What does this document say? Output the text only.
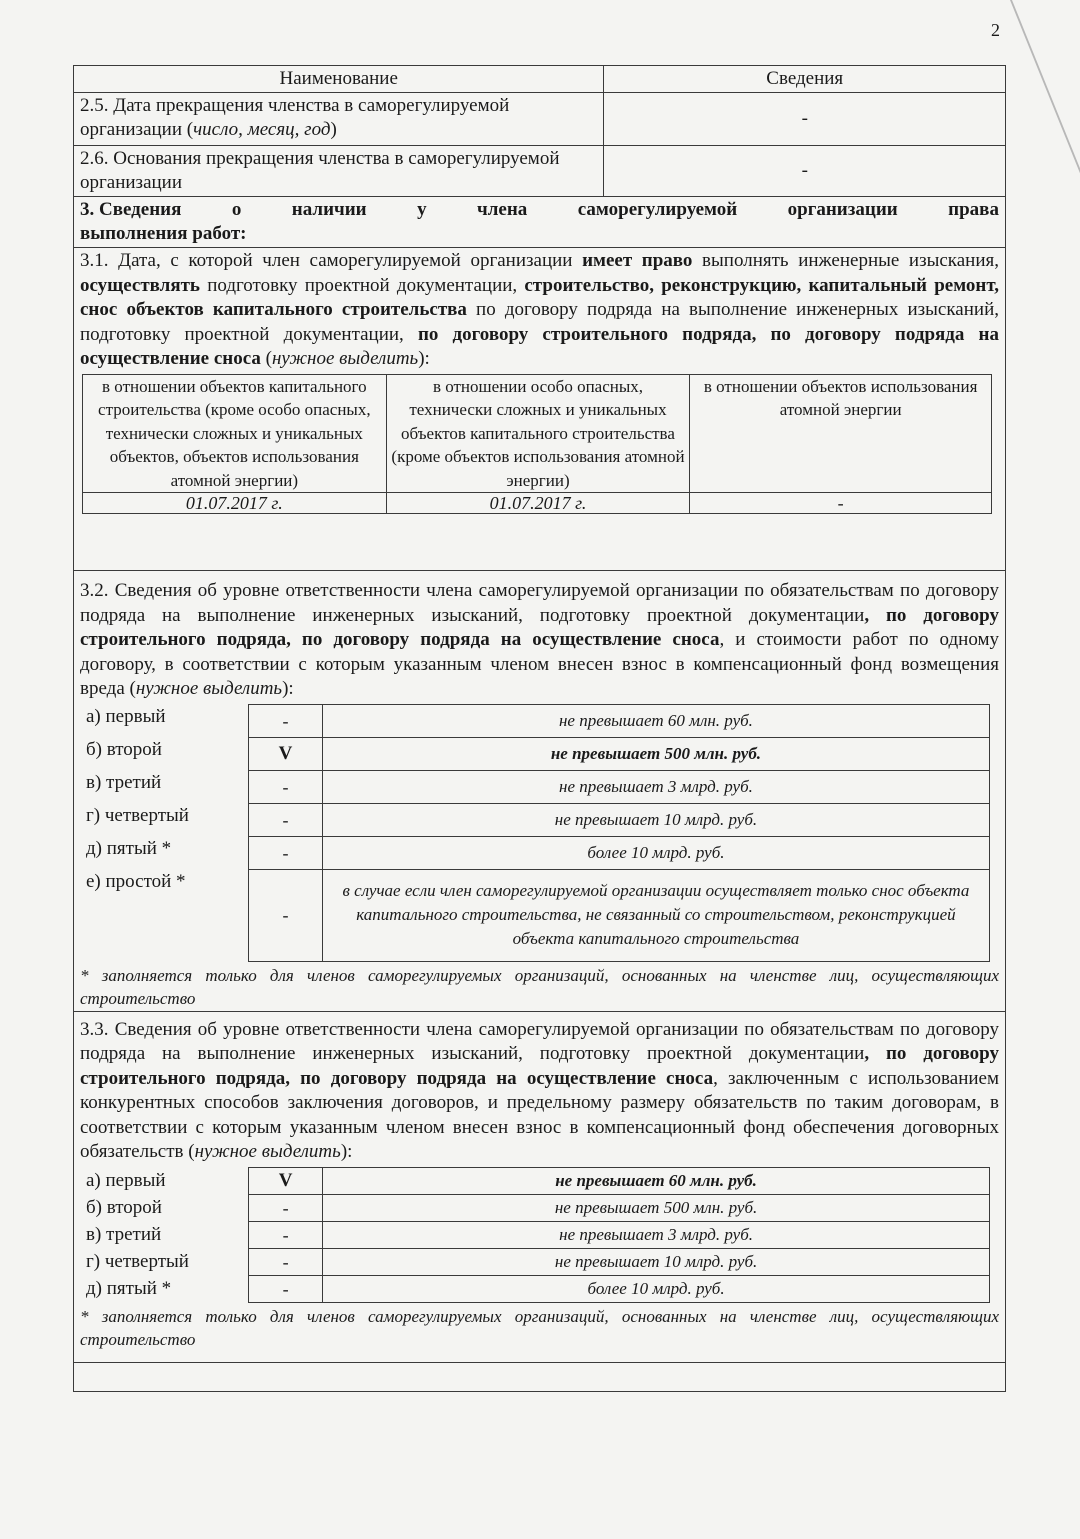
2
Наименование	Сведения
2.5. Дата прекращения членства в саморегулируемой организации (число, месяц, год)	-
2.6. Основания прекращения членства в саморегулируемой организации	-

3. Сведения	о	наличии	у	члена	саморегулируемой	организации	права
выполнения работ:

3.1. Дата, с которой член саморегулируемой организации имеет право выполнять инженерные изыскания, осуществлять подготовку проектной документации, строительство, реконструкцию, капитальный ремонт, снос объектов капитального строительства по договору подряда на выполнение инженерных изысканий, подготовку проектной документации, по договору строительного подряда, по договору подряда на осуществление сноса (нужное выделить):
в отношении объектов капитального строительства (кроме особо опасных, технически сложных и уникальных объектов, объектов использования атомной энергии)	в отношении особо опасных, технически сложных и уникальных объектов капитального строительства (кроме объектов использования атомной энергии)	в отношении объектов использования атомной энергии
01.07.2017 г.	01.07.2017 г.	-

3.2. Сведения об уровне ответственности члена саморегулируемой организации по обязательствам по договору подряда на выполнение инженерных изысканий, подготовку проектной документации, по договору строительного подряда, по договору подряда на осуществление сноса, и стоимости работ по одному договору, в соответствии с которым указанным членом внесен взнос в компенсационный фонд возмещения вреда (нужное выделить):
а) первый	-	не превышает 60 млн. руб.
б) второй	V	не превышает 500 млн. руб.
в) третий	-	не превышает 3 млрд. руб.
г) четвертый	-	не превышает 10 млрд. руб.
д) пятый *	-	более 10 млрд. руб.
е) простой *	-	в случае если член саморегулируемой организации осуществляет только снос объекта капитального строительства, не связанный со строительством, реконструкцией объекта капитального строительства
* заполняется только для членов саморегулируемых организаций, основанных на членстве лиц, осуществляющих строительство

3.3. Сведения об уровне ответственности члена саморегулируемой организации по обязательствам по договору подряда на выполнение инженерных изысканий, подготовку проектной документации, по договору строительного подряда, по договору подряда на осуществление сноса, заключенным с использованием конкурентных способов заключения договоров, и предельному размеру обязательств по таким договорам, в соответствии с которым указанным членом внесен взнос в компенсационный фонд обеспечения договорных обязательств (нужное выделить):
а) первый	V	не превышает 60 млн. руб.
б) второй	-	не превышает 500 млн. руб.
в) третий	-	не превышает 3 млрд. руб.
г) четвертый	-	не превышает 10 млрд. руб.
д) пятый *	-	более 10 млрд. руб.
* заполняется только для членов саморегулируемых организаций, основанных на членстве лиц, осуществляющих строительство
